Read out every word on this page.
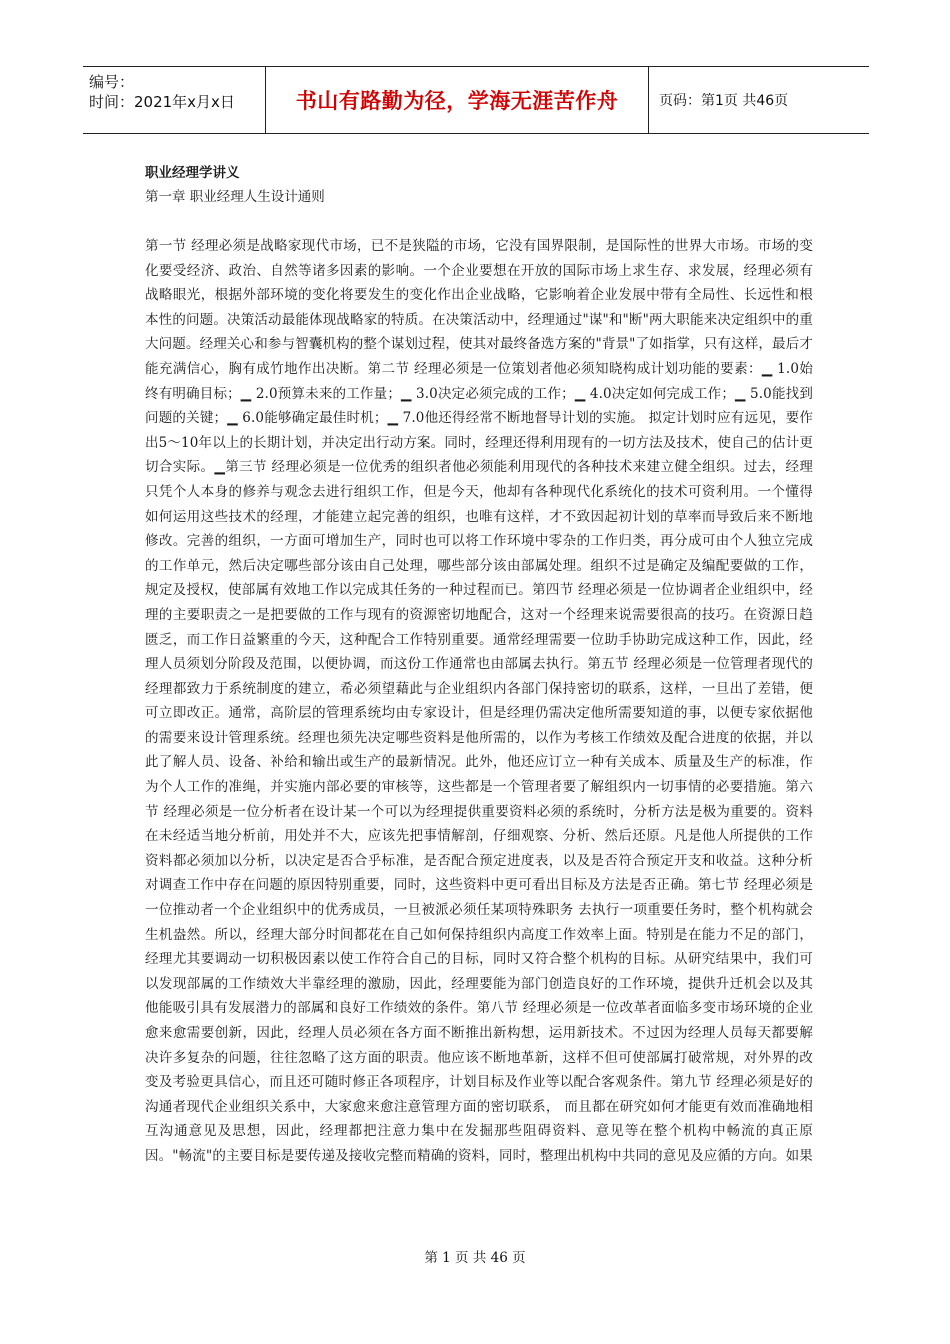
编号：
时间：2021年x月x日	书山有路勤为径，学海无涯苦作舟	页码：第1页 共46页
职业经理学讲义
第一章 职业经理人生设计通则
第一节 经理必须是战略家现代市场，已不是狭隘的市场，它没有国界限制，是国际性的世界大市场。市场的变化要受经济、政治、自然等诸多因素的影响。一个企业要想在开放的国际市场上求生存、求发展，经理必须有战略眼光，根据外部环境的变化将要发生的变化作出企业战略，它影响着企业发展中带有全局性、长远性和根本性的问题。决策活动最能体现战略家的特质。在决策活动中，经理通过"谋"和"断"两大职能来决定组织中的重大问题。经理关心和参与智囊机构的整个谋划过程，使其对最终备选方案的"背景"了如指掌，只有这样，最后才能充满信心，胸有成竹地作出决断。第二节 经理必须是一位策划者他必须知晓构成计划功能的要素：▁ 1.0始终有明确目标；▁ 2.0预算未来的工作量；▁ 3.0决定必须完成的工作；▁ 4.0决定如何完成工作；▁ 5.0能找到问题的关键；▁ 6.0能够确定最佳时机；▁ 7.0他还得经常不断地督导计划的实施。 拟定计划时应有远见，要作出5～10年以上的长期计划，并决定出行动方案。同时，经理还得利用现有的一切方法及技术，使自己的估计更切合实际。▁第三节 经理必须是一位优秀的组织者他必须能利用现代的各种技术来建立健全组织。过去，经理只凭个人本身的修养与观念去进行组织工作，但是今天，他却有各种现代化系统化的技术可资利用。一个懂得如何运用这些技术的经理，才能建立起完善的组织，也唯有这样，才不致因起初计划的草率而导致后来不断地修改。完善的组织，一方面可增加生产，同时也可以将工作环境中零杂的工作归类，再分成可由个人独立完成的工作单元，然后决定哪些部分该由自己处理，哪些部分该由部属处理。组织不过是确定及编配要做的工作，规定及授权，使部属有效地工作以完成其任务的一种过程而已。第四节 经理必须是一位协调者企业组织中，经理的主要职责之一是把要做的工作与现有的资源密切地配合，这对一个经理来说需要很高的技巧。在资源日趋匮乏，而工作日益繁重的今天，这种配合工作特别重要。通常经理需要一位助手协助完成这种工作，因此，经理人员须划分阶段及范围，以便协调，而这份工作通常也由部属去执行。第五节 经理必须是一位管理者现代的经理都致力于系统制度的建立，希必须望藉此与企业组织内各部门保持密切的联系，这样，一旦出了差错，便可立即改正。通常，高阶层的管理系统均由专家设计，但是经理仍需决定他所需要知道的事，以便专家依据他的需要来设计管理系统。经理也须先决定哪些资料是他所需的，以作为考核工作绩效及配合进度的依据，并以此了解人员、设备、补给和输出或生产的最新情况。此外，他还应订立一种有关成本、质量及生产的标准，作为个人工作的准绳，并实施内部必要的审核等，这些都是一个管理者要了解组织内一切事情的必要措施。第六节 经理必须是一位分析者在设计某一个可以为经理提供重要资料必须的系统时，分析方法是极为重要的。资料在未经适当地分析前，用处并不大，应该先把事情解剖，仔细观察、分析、然后还原。凡是他人所提供的工作资料都必须加以分析，以决定是否合乎标准，是否配合预定进度表，以及是否符合预定开支和收益。这种分析对调查工作中存在问题的原因特别重要，同时，这些资料中更可看出目标及方法是否正确。第七节 经理必须是一位推动者一个企业组织中的优秀成员，一旦被派必须任某项特殊职务 去执行一项重要任务时，整个机构就会生机盎然。所以，经理大部分时间都花在自己如何保持组织内高度工作效率上面。特别是在能力不足的部门，经理尤其要调动一切积极因素以使工作符合自己的目标，同时又符合整个机构的目标。从研究结果中，我们可以发现部属的工作绩效大半靠经理的激励，因此，经理要能为部门创造良好的工作环境，提供升迁机会以及其他能吸引具有发展潜力的部属和良好工作绩效的条件。第八节 经理必须是一位改革者面临多变市场环境的企业愈来愈需要创新，因此，经理人员必须在各方面不断推出新构想，运用新技术。不过因为经理人员每天都要解决许多复杂的问题，往往忽略了这方面的职责。他应该不断地革新，这样不但可使部属打破常规，对外界的改变及考验更具信心，而且还可随时修正各项程序，计划目标及作业等以配合客观条件。第九节 经理必须是好的沟通者现代企业组织关系中，大家愈来愈注意管理方面的密切联系， 而且都在研究如何才能更有效而准确地相互沟通意见及思想，因此，经理都把注意力集中在发掘那些阻碍资料、意见等在整个机构中畅流的真正原因。"畅流"的主要目标是要传递及接收完整而精确的资料，同时，整理出机构中共同的意见及应循的方向。如果
第 1 页 共 46 页
